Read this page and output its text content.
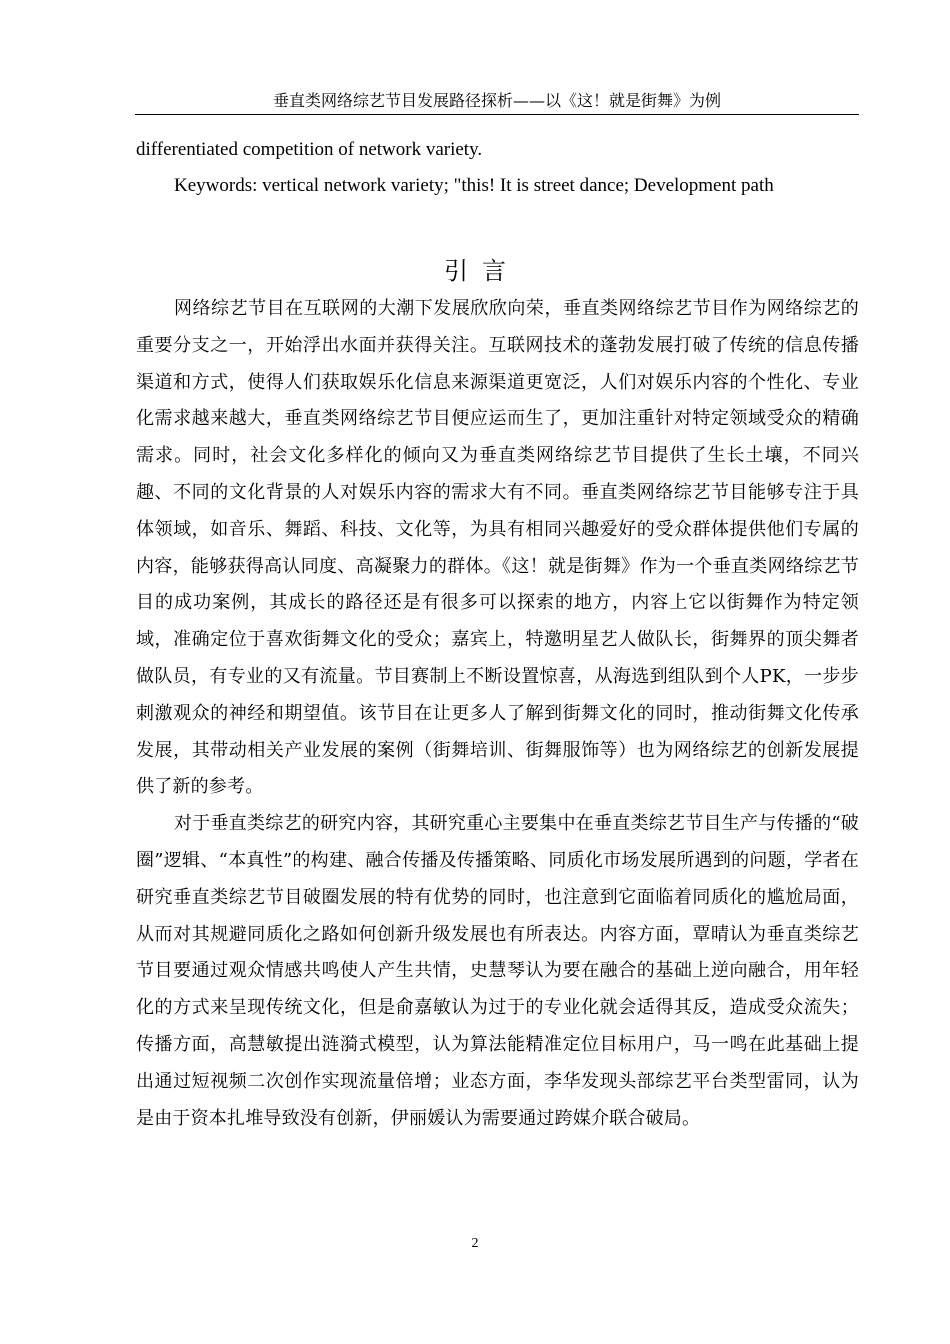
垂直类网络综艺节目发展路径探析——以《这！就是街舞》为例

differentiated competition of network variety.

Keywords: vertical network variety; "this! It is street dance; Development path

引言

网络综艺节目在互联网的大潮下发展欣欣向荣，垂直类网络综艺节目作为网络综艺的重要分支之一，开始浮出水面并获得关注。互联网技术的蓬勃发展打破了传统的信息传播渠道和方式，使得人们获取娱乐化信息来源渠道更宽泛，人们对娱乐内容的个性化、专业化需求越来越大，垂直类网络综艺节目便应运而生了，更加注重针对特定领域受众的精确需求。同时，社会文化多样化的倾向又为垂直类网络综艺节目提供了生长土壤，不同兴趣、不同的文化背景的人对娱乐内容的需求大有不同。垂直类网络综艺节目能够专注于具体领域，如音乐、舞蹈、科技、文化等，为具有相同兴趣爱好的受众群体提供他们专属的内容，能够获得高认同度、高凝聚力的群体。《这！就是街舞》作为一个垂直类网络综艺节目的成功案例，其成长的路径还是有很多可以探索的地方，内容上它以街舞作为特定领域，准确定位于喜欢街舞文化的受众；嘉宾上，特邀明星艺人做队长，街舞界的顶尖舞者做队员，有专业的又有流量。节目赛制上不断设置惊喜，从海选到组队到个人PK，一步步刺激观众的神经和期望值。该节目在让更多人了解到街舞文化的同时，推动街舞文化传承发展，其带动相关产业发展的案例（街舞培训、街舞服饰等）也为网络综艺的创新发展提供了新的参考。

对于垂直类综艺的研究内容，其研究重心主要集中在垂直类综艺节目生产与传播的“破圈”逻辑、“本真性”的构建、融合传播及传播策略、同质化市场发展所遇到的问题，学者在研究垂直类综艺节目破圈发展的特有优势的同时，也注意到它面临着同质化的尴尬局面，从而对其规避同质化之路如何创新升级发展也有所表达。内容方面，覃晴认为垂直类综艺节目要通过观众情感共鸣使人产生共情，史慧琴认为要在融合的基础上逆向融合，用年轻化的方式来呈现传统文化，但是俞嘉敏认为过于的专业化就会适得其反，造成受众流失；传播方面，高慧敏提出涟漪式模型，认为算法能精准定位目标用户，马一鸣在此基础上提出通过短视频二次创作实现流量倍增；业态方面，李华发现头部综艺平台类型雷同，认为是由于资本扎堆导致没有创新，伊丽媛认为需要通过跨媒介联合破局。

2
